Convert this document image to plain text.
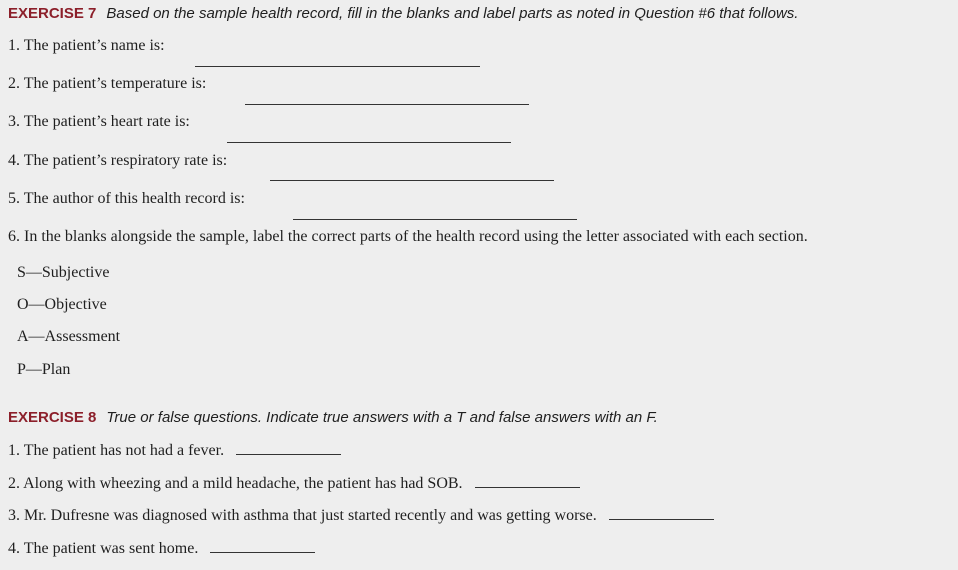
EXERCISE 7 Based on the sample health record, fill in the blanks and label parts as noted in Question #6 that follows.
1. The patient’s name is:
2. The patient’s temperature is:
3. The patient’s heart rate is:
4. The patient’s respiratory rate is:
5. The author of this health record is:
6. In the blanks alongside the sample, label the correct parts of the health record using the letter associated with each section.
S—Subjective
O—Objective
A—Assessment
P—Plan
EXERCISE 8 True or false questions. Indicate true answers with a T and false answers with an F.
1. The patient has not had a fever.
2. Along with wheezing and a mild headache, the patient has had SOB.
3. Mr. Dufresne was diagnosed with asthma that just started recently and was getting worse.
4. The patient was sent home.
